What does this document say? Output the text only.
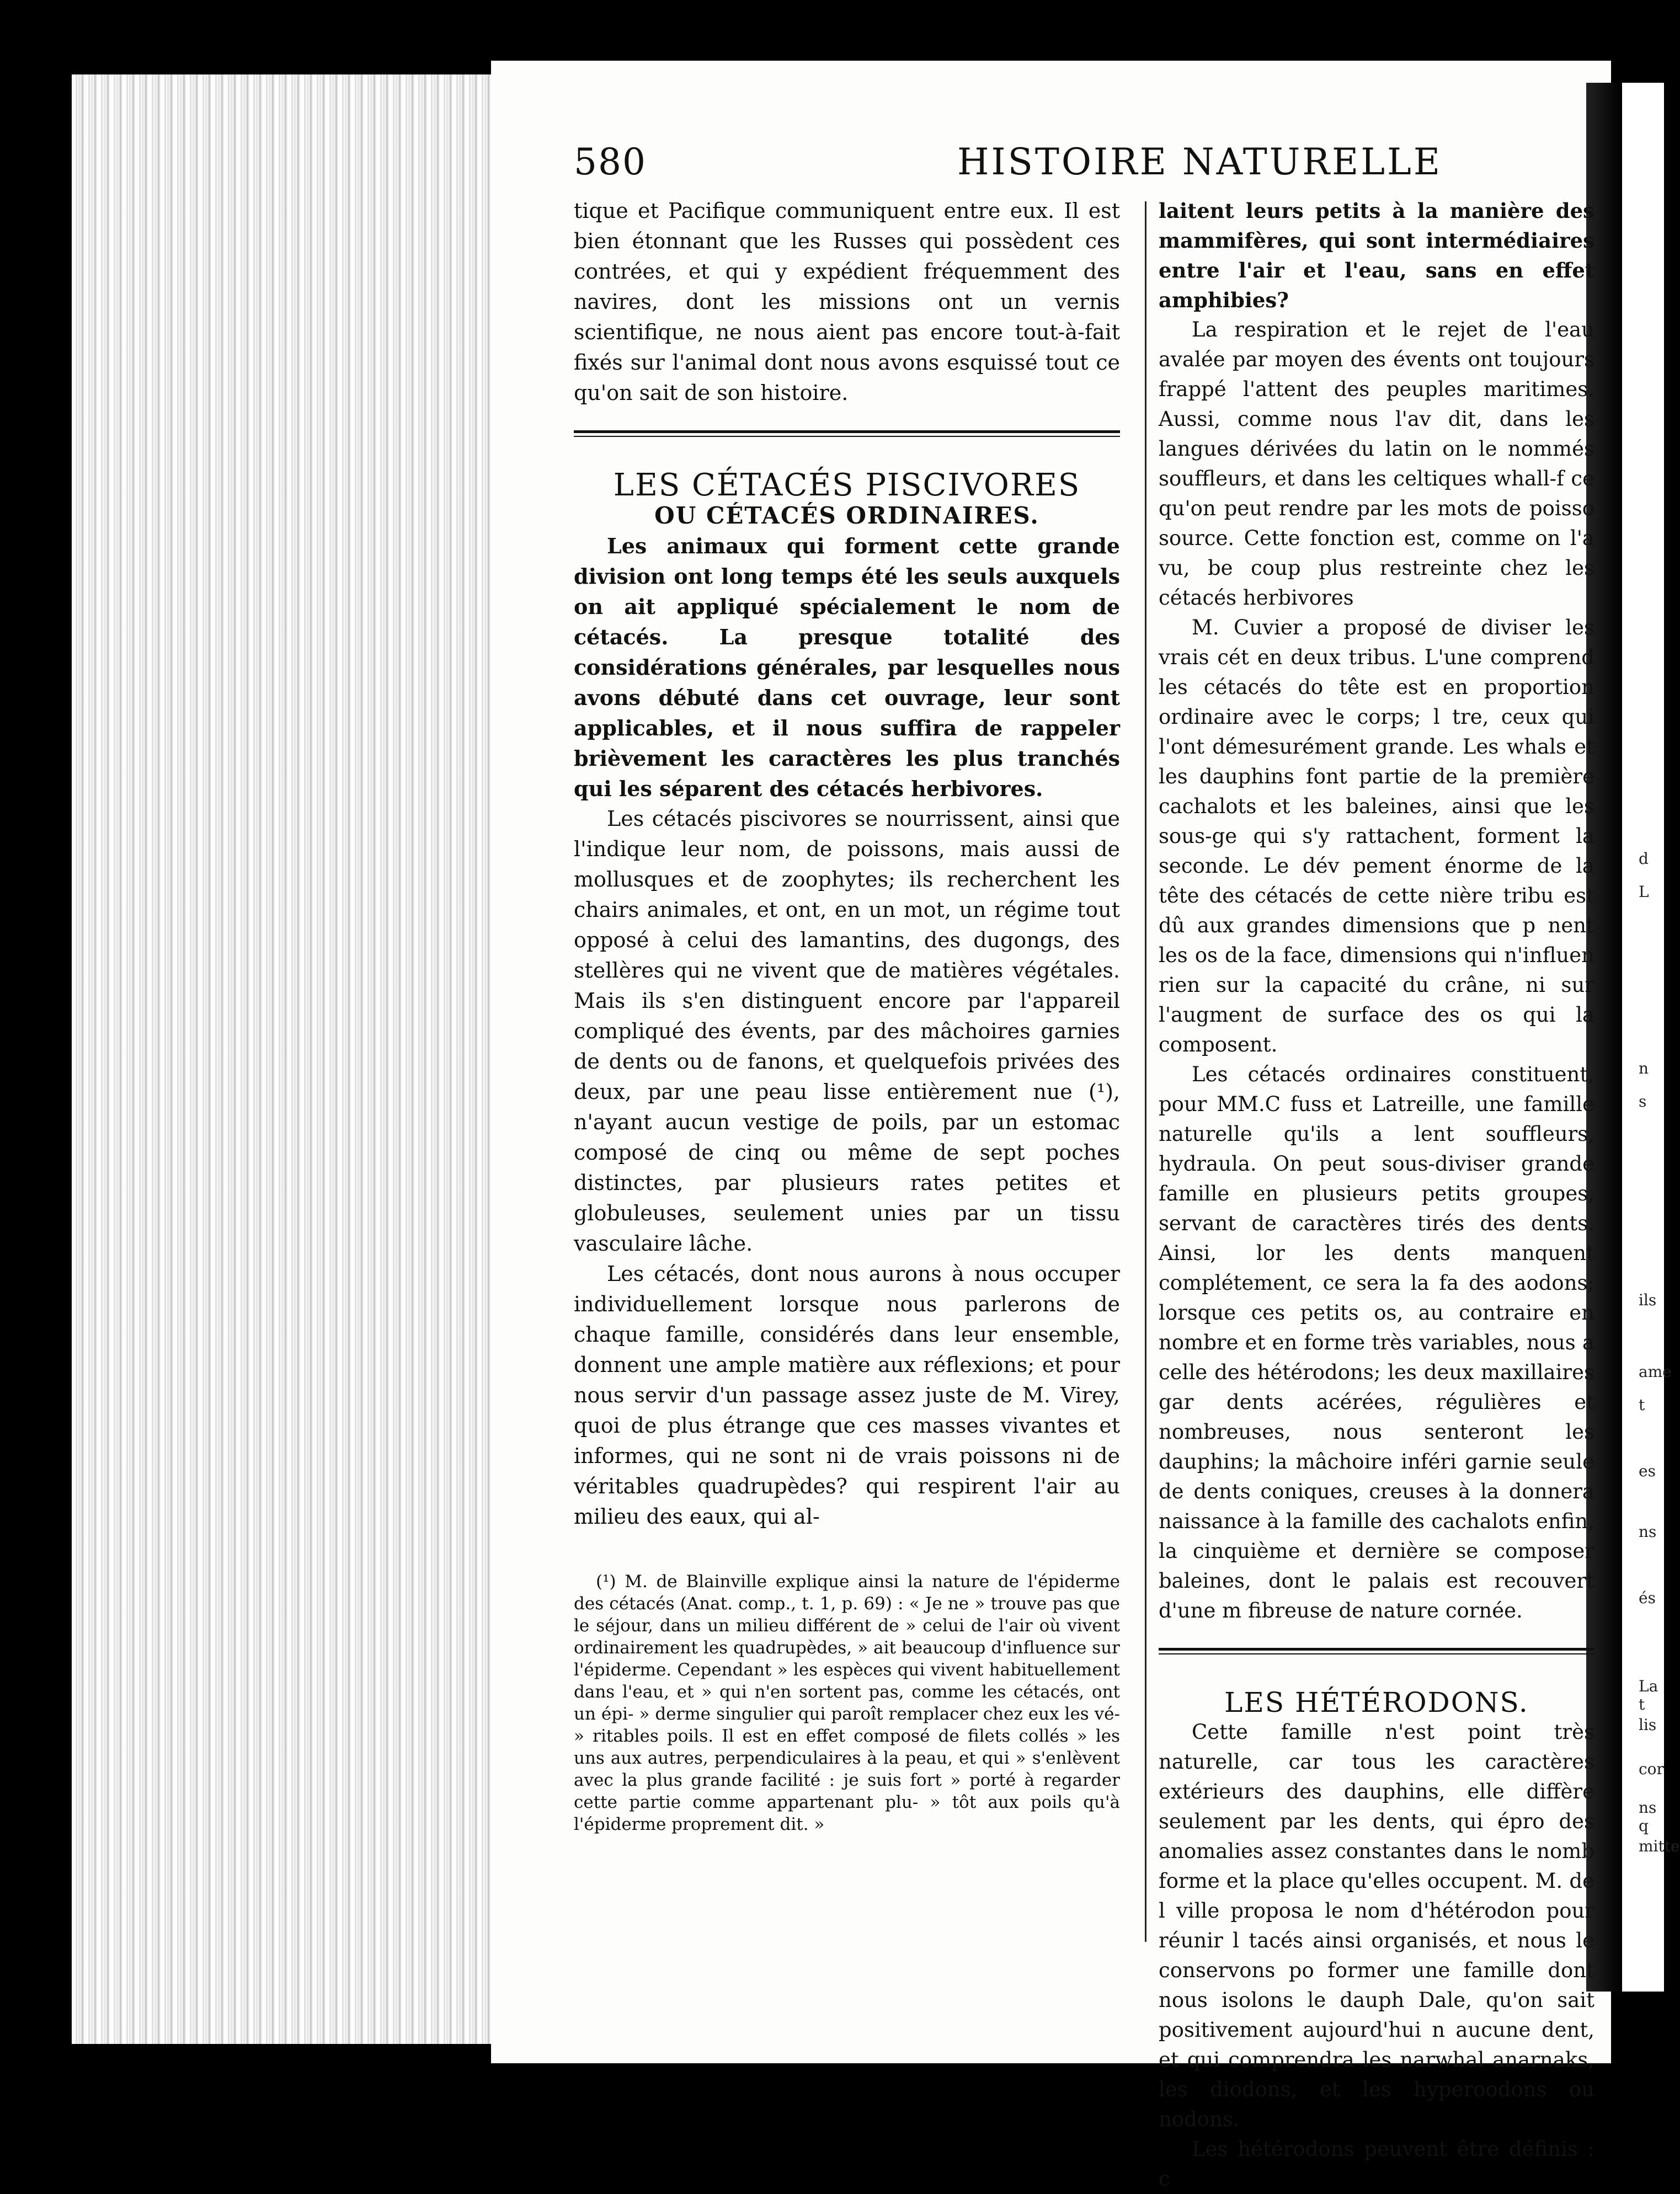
d
L
n
s
ils
ame
t
es
ns
és
La t
lis
cor
ns q
mitte
580	HISTOIRE NATURELLE

tique et Pacifique communiquent entre eux. Il est bien étonnant que les Russes qui possèdent ces contrées, et qui y expédient fréquemment des navires, dont les missions ont un vernis scientifique, ne nous aient pas encore tout-à-fait fixés sur l'animal dont nous avons esquissé tout ce qu'on sait de son histoire.

LES CÉTACÉS PISCIVORES

OU CÉTACÉS ORDINAIRES.

Les animaux qui forment cette grande division ont long temps été les seuls auxquels on ait appliqué spécialement le nom de cétacés. La presque totalité des considérations générales, par lesquelles nous avons débuté dans cet ouvrage, leur sont applicables, et il nous suffira de rappeler brièvement les caractères les plus tranchés qui les séparent des cétacés herbivores.

Les cétacés piscivores se nourrissent, ainsi que l'indique leur nom, de poissons, mais aussi de mollusques et de zoophytes; ils recherchent les chairs animales, et ont, en un mot, un régime tout opposé à celui des lamantins, des dugongs, des stellères qui ne vivent que de matières végétales. Mais ils s'en distinguent encore par l'appareil compliqué des évents, par des mâchoires garnies de dents ou de fanons, et quelquefois privées des deux, par une peau lisse entièrement nue (¹), n'ayant aucun vestige de poils, par un estomac composé de cinq ou même de sept poches distinctes, par plusieurs rates petites et globuleuses, seulement unies par un tissu vasculaire lâche.

Les cétacés, dont nous aurons à nous occuper individuellement lorsque nous parlerons de chaque famille, considérés dans leur ensemble, donnent une ample matière aux réflexions; et pour nous servir d'un passage assez juste de M. Virey, quoi de plus étrange que ces masses vivantes et informes, qui ne sont ni de vrais poissons ni de véritables quadrupèdes? qui respirent l'air au milieu des eaux, qui al-

(¹) M. de Blainville explique ainsi la nature de l'épiderme des cétacés (Anat. comp., t. 1, p. 69) : « Je ne » trouve pas que le séjour, dans un milieu différent de » celui de l'air où vivent ordinairement les quadrupèdes, » ait beaucoup d'influence sur l'épiderme. Cependant » les espèces qui vivent habituellement dans l'eau, et » qui n'en sortent pas, comme les cétacés, ont un épi- » derme singulier qui paroît remplacer chez eux les vé- » ritables poils. Il est en effet composé de filets collés » les uns aux autres, perpendiculaires à la peau, et qui » s'enlèvent avec la plus grande facilité : je suis fort » porté à regarder cette partie comme appartenant plu- » tôt aux poils qu'à l'épiderme proprement dit. »

laitent leurs petits à la manière des mammifères, qui sont intermédiaires entre l'air et l'eau, sans en effet amphibies?

La respiration et le rejet de l'eau avalée par moyen des évents ont toujours frappé l'attent des peuples maritimes. Aussi, comme nous l'av dit, dans les langues dérivées du latin on le nommés souffleurs, et dans les celtiques whall-f ce qu'on peut rendre par les mots de poisso source. Cette fonction est, comme on l'a vu, be coup plus restreinte chez les cétacés herbivores

M. Cuvier a proposé de diviser les vrais cét en deux tribus. L'une comprend les cétacés do tête est en proportion ordinaire avec le corps; l tre, ceux qui l'ont démesurément grande. Les whals et les dauphins font partie de la première cachalots et les baleines, ainsi que les sous-ge qui s'y rattachent, forment la seconde. Le dév pement énorme de la tête des cétacés de cette nière tribu est dû aux grandes dimensions que p nent les os de la face, dimensions qui n'influen rien sur la capacité du crâne, ni sur l'augment de surface des os qui la composent.

Les cétacés ordinaires constituent, pour MM.C fuss et Latreille, une famille naturelle qu'ils a lent souffleurs, hydraula. On peut sous-diviser grande famille en plusieurs petits groupes, servant de caractères tirés des dents. Ainsi, lor les dents manquent complétement, ce sera la fa des aodons; lorsque ces petits os, au contraire en nombre et en forme très variables, nous a celle des hétérodons; les deux maxillaires gar dents acérées, régulières et nombreuses, nous senteront les dauphins; la mâchoire inféri garnie seule de dents coniques, creuses à la donnera naissance à la famille des cachalots enfin, la cinquième et dernière se composer baleines, dont le palais est recouvert d'une m fibreuse de nature cornée.

LES HÉTÉRODONS.

Cette famille n'est point très naturelle, car tous les caractères extérieurs des dauphins, elle diffère seulement par les dents, qui épro des anomalies assez constantes dans le nomb forme et la place qu'elles occupent. M. de l ville proposa le nom d'hétérodon pour réunir l tacés ainsi organisés, et nous le conservons po former une famille dont nous isolons le dauph Dale, qu'on sait positivement aujourd'hui n aucune dent, et qui comprendra les narwhal anarnaks, les diodons, et les hyperoodons ou nodons.

Les hétérodons peuvent être définis : c
